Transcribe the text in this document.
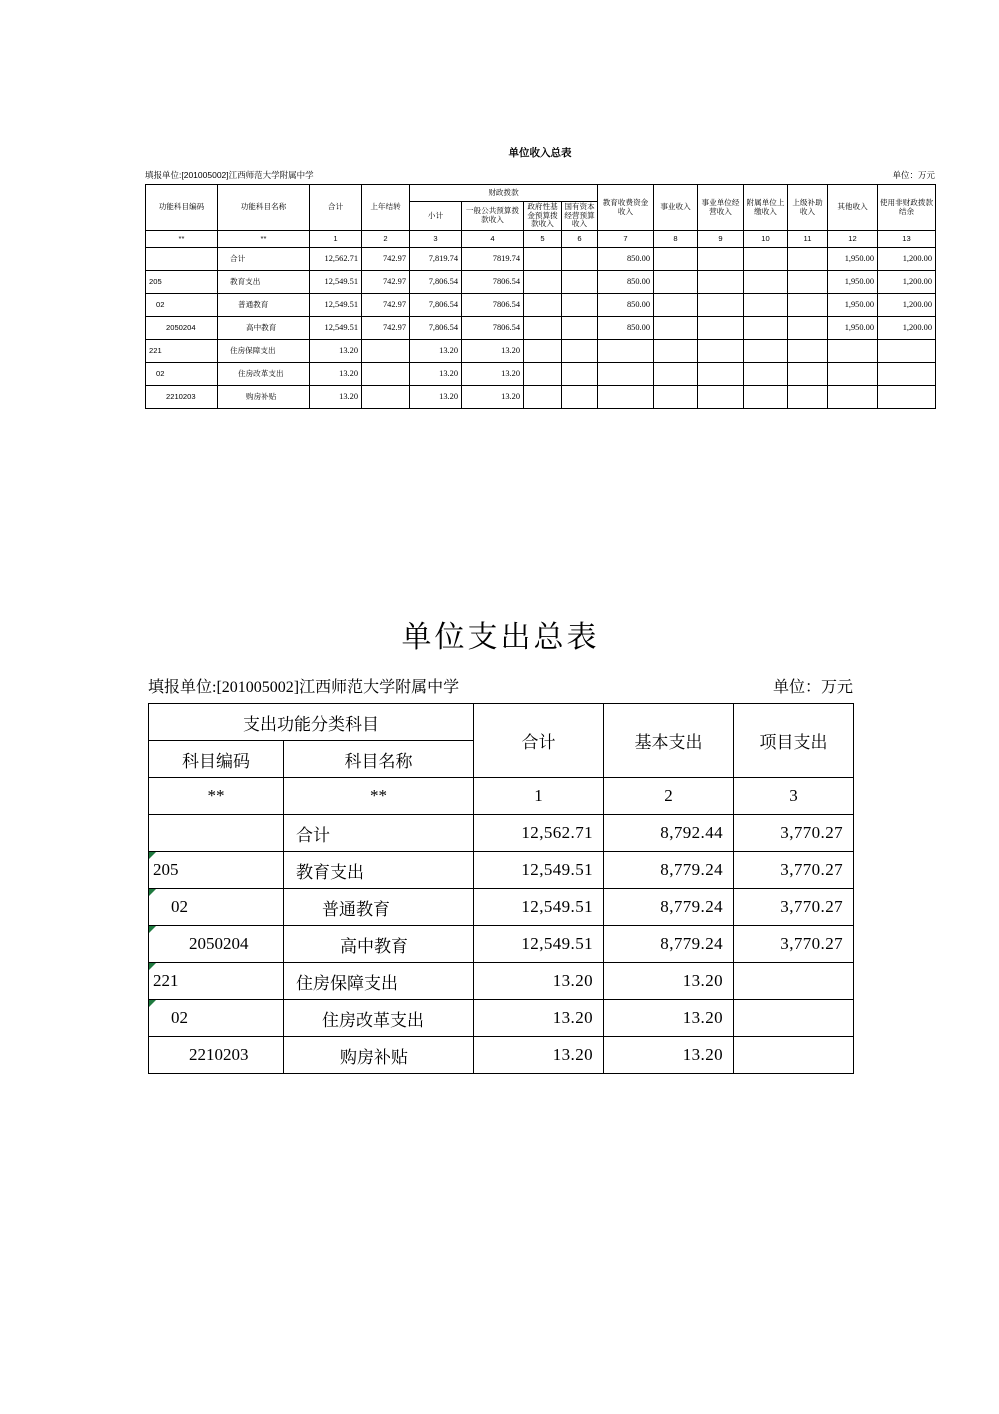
单位收入总表
填报单位:[201005002]江西师范大学附属中学	单位：万元
功能科目编码	功能科目名称	合计	上年结转	财政拨款				教育收费资金收入	事业收入	事业单位经营收入	附属单位上缴收入	上级补助收入	其他收入	使用非财政拨款结余
				小计	一般公共预算拨款收入	政府性基金预算拨款收入	国有资本经营预算收入							
**	**	1	2	3	4	5	6	7	8	9	10	11	12	13
	合计	12,562.71	742.97	7,819.74	7819.74			850.00					1,950.00	1,200.00
205	教育支出	12,549.51	742.97	7,806.54	7806.54			850.00					1,950.00	1,200.00
02	普通教育	12,549.51	742.97	7,806.54	7806.54			850.00					1,950.00	1,200.00
2050204	高中教育	12,549.51	742.97	7,806.54	7806.54			850.00					1,950.00	1,200.00
221	住房保障支出	13.20		13.20	13.20									
02	住房改革支出	13.20		13.20	13.20									
2210203	购房补贴	13.20		13.20	13.20									
单位支出总表
填报单位:[201005002]江西师范大学附属中学	单位：万元
支出功能分类科目		合计	基本支出	项目支出
科目编码	科目名称			
**	**	1	2	3
	合计	12,562.71	8,792.44	3,770.27
205	教育支出	12,549.51	8,779.24	3,770.27
02	普通教育	12,549.51	8,779.24	3,770.27
2050204	高中教育	12,549.51	8,779.24	3,770.27
221	住房保障支出	13.20	13.20	
02	住房改革支出	13.20	13.20	
2210203	购房补贴	13.20	13.20	
